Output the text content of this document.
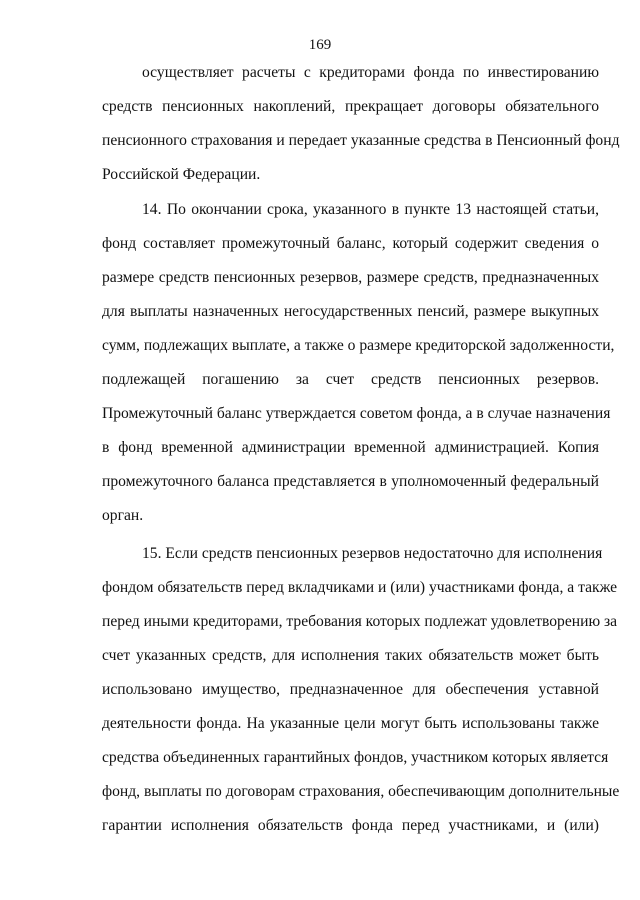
169
осуществляет расчеты с кредиторами фонда по инвестированию
средств пенсионных накоплений, прекращает договоры обязательного
пенсионного страхования и передает указанные средства в Пенсионный фонд
Российской Федерации.
14. По окончании срока, указанного в пункте 13 настоящей статьи,
фонд составляет промежуточный баланс, который содержит сведения о
размере средств пенсионных резервов, размере средств, предназначенных
для выплаты назначенных негосударственных пенсий, размере выкупных
сумм, подлежащих выплате, а также о размере кредиторской задолженности,
подлежащей погашению за счет средств пенсионных резервов.
Промежуточный баланс утверждается советом фонда, а в случае назначения
в фонд временной администрации временной администрацией. Копия
промежуточного баланса представляется в уполномоченный федеральный
орган.
15. Если средств пенсионных резервов недостаточно для исполнения
фондом обязательств перед вкладчиками и (или) участниками фонда, а также
перед иными кредиторами, требования которых подлежат удовлетворению за
счет указанных средств, для исполнения таких обязательств может быть
использовано имущество, предназначенное для обеспечения уставной
деятельности фонда. На указанные цели могут быть использованы также
средства объединенных гарантийных фондов, участником которых является
фонд, выплаты по договорам страхования, обеспечивающим дополнительные
гарантии исполнения обязательств фонда перед участниками, и (или)
